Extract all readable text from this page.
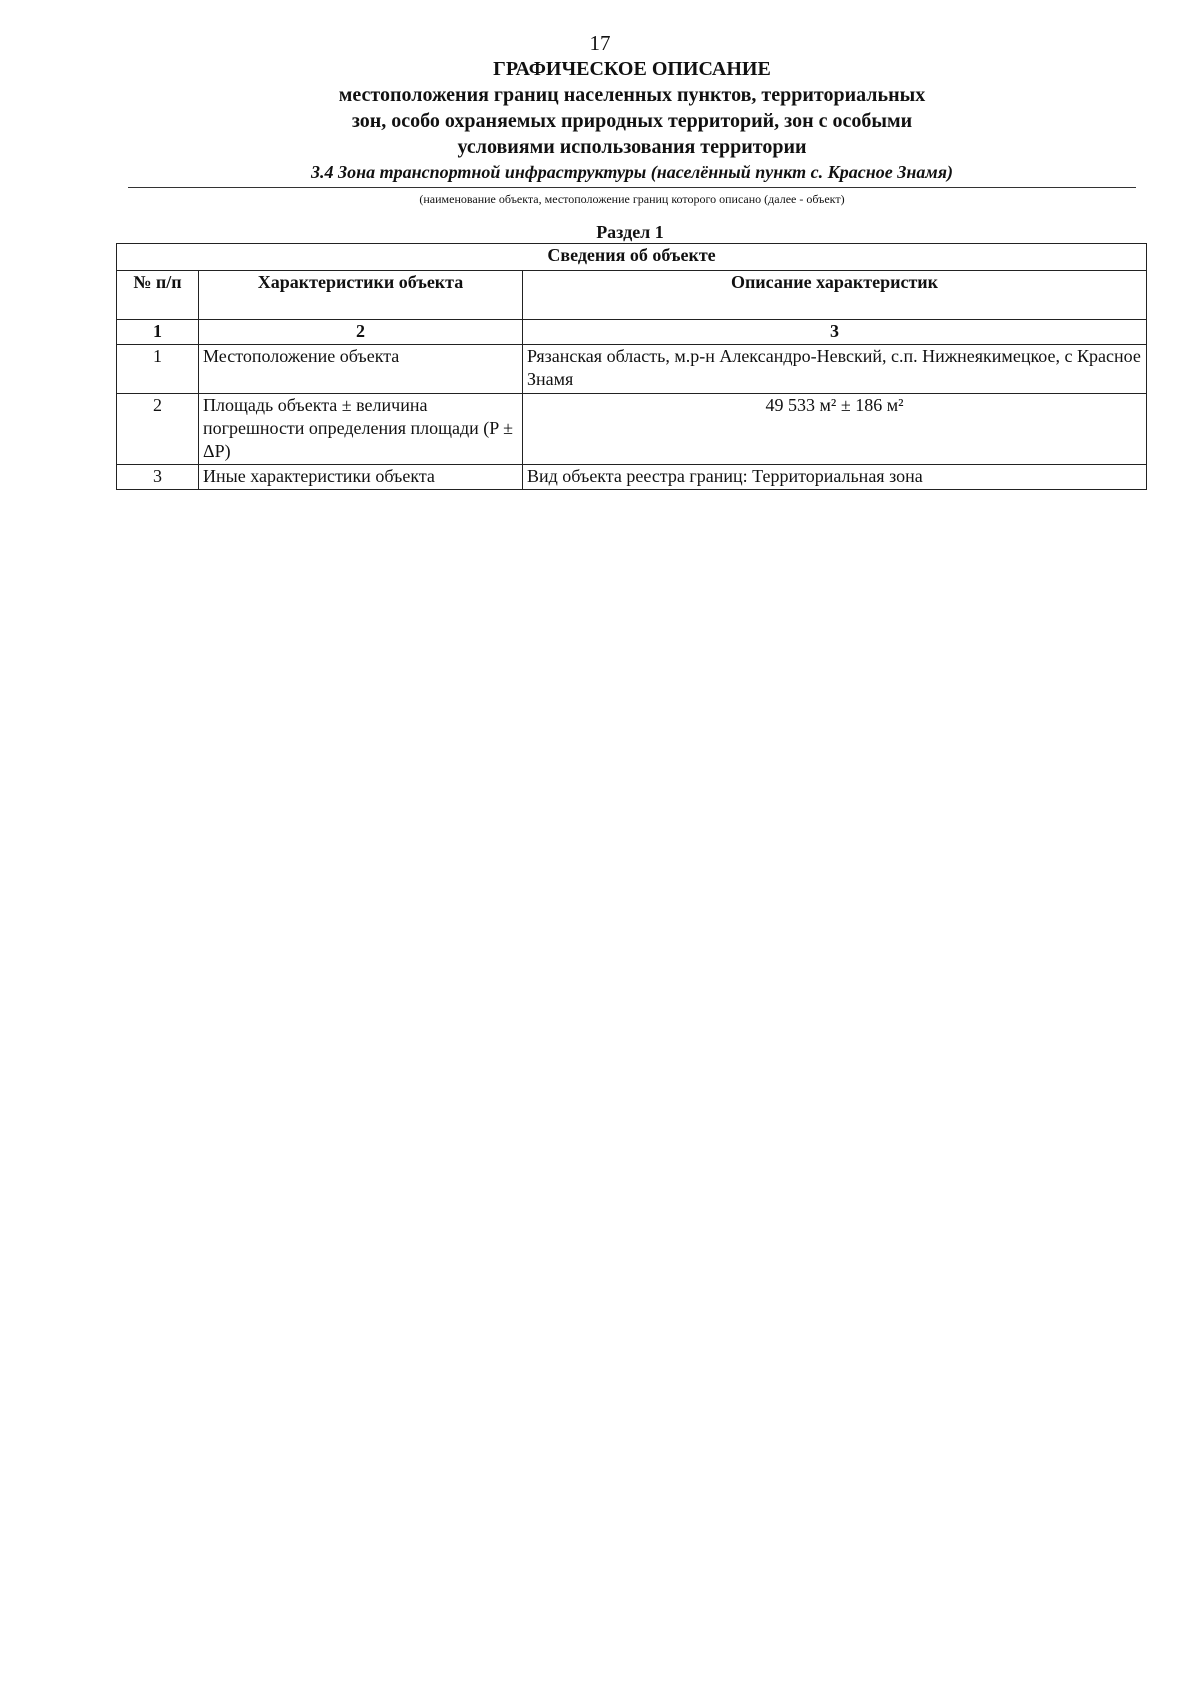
17
ГРАФИЧЕСКОЕ ОПИСАНИЕ
местоположения границ населенных пунктов, территориальных
зон, особо охраняемых природных территорий, зон с особыми
условиями использования территории
3.4 Зона транспортной инфраструктуры (населённый пункт с. Красное Знамя)
(наименование объекта, местоположение границ которого описано (далее - объект)
Раздел 1
Сведения об объекте		
№ п/п	Характеристики объекта	Описание характеристик
1	2	3
1	Местоположение объекта	Рязанская область, м.р-н Александро-Невский, с.п. Нижнеякимецкое, с Красное Знамя
2	Площадь объекта ± величина погрешности определения площади (P ± ΔP)	49 533 м² ± 186 м²
3	Иные характеристики объекта	Вид объекта реестра границ: Территориальная зона
